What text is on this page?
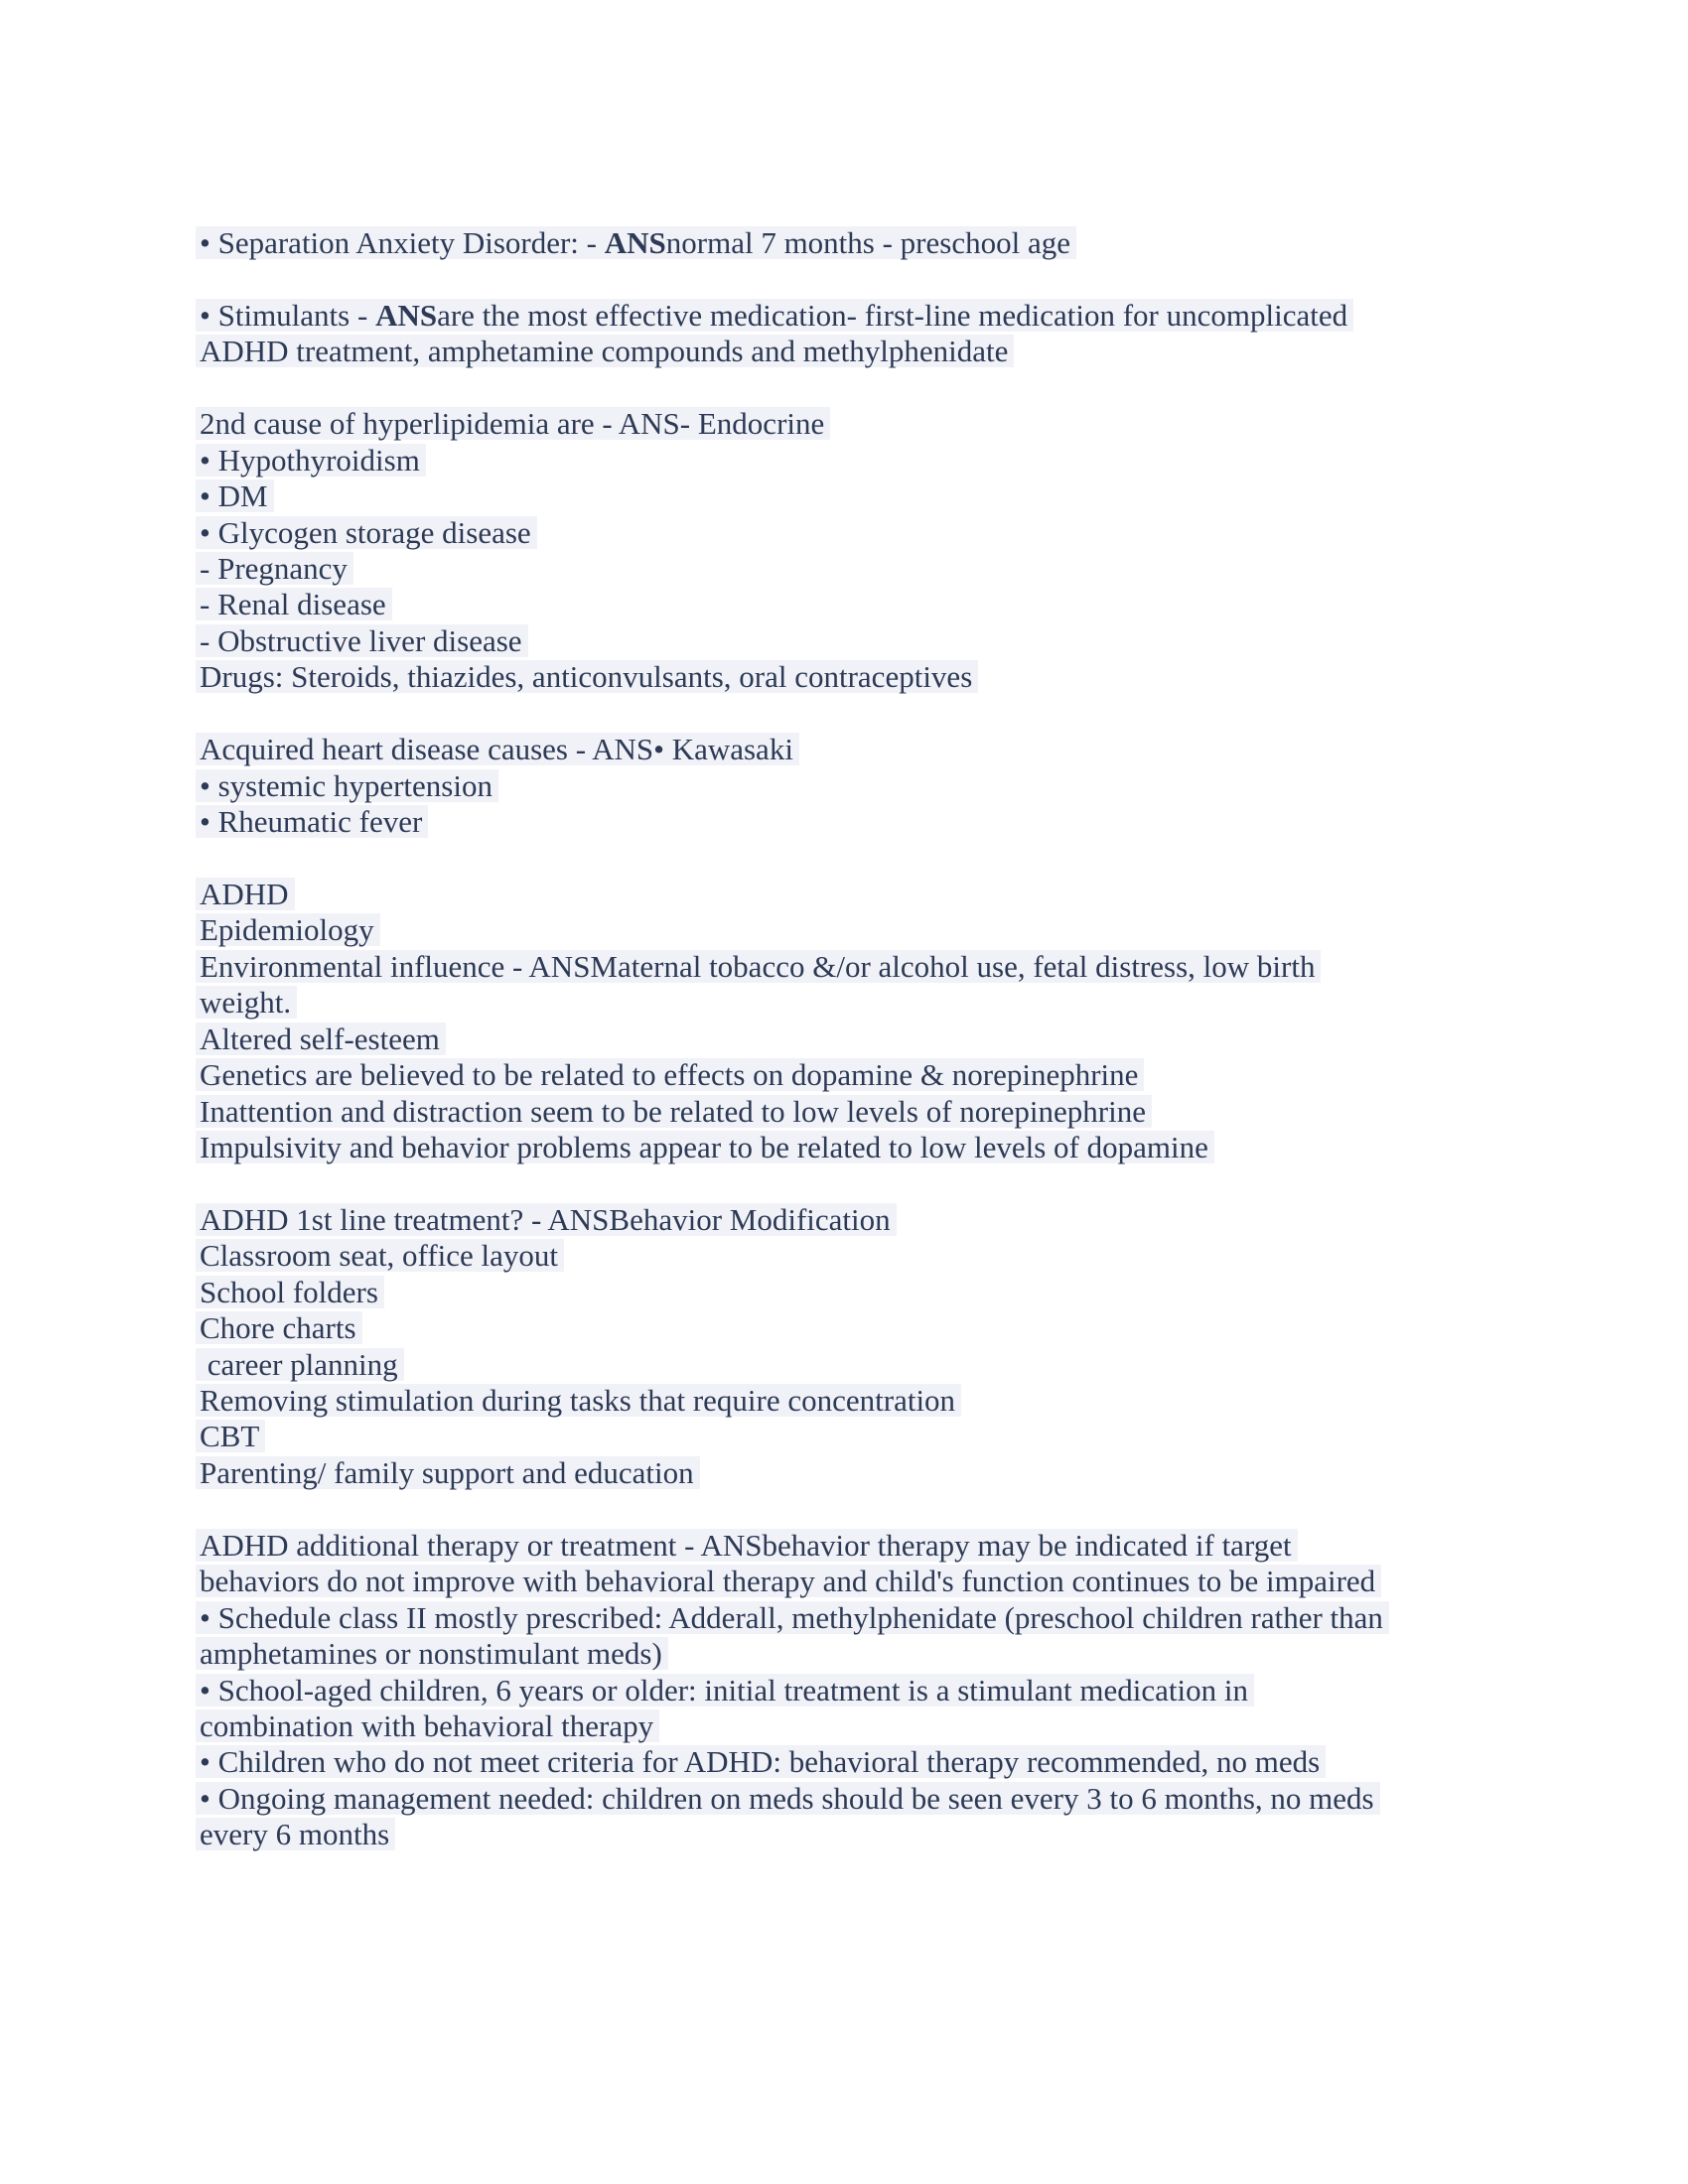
• Separation Anxiety Disorder: - ANSnormal 7 months - preschool age
• Stimulants - ANSare the most effective medication- first-line medication for uncomplicated
ADHD treatment, amphetamine compounds and methylphenidate
2nd cause of hyperlipidemia are - ANS- Endocrine
• Hypothyroidism
• DM
• Glycogen storage disease
- Pregnancy
- Renal disease
- Obstructive liver disease
Drugs: Steroids, thiazides, anticonvulsants, oral contraceptives
Acquired heart disease causes - ANS• Kawasaki
• systemic hypertension
• Rheumatic fever
ADHD
Epidemiology
Environmental influence - ANSMaternal tobacco &/or alcohol use, fetal distress, low birth
weight.
Altered self-esteem
Genetics are believed to be related to effects on dopamine & norepinephrine
Inattention and distraction seem to be related to low levels of norepinephrine
Impulsivity and behavior problems appear to be related to low levels of dopamine
ADHD 1st line treatment? - ANSBehavior Modification
Classroom seat, office layout
School folders
Chore charts
career planning
Removing stimulation during tasks that require concentration
CBT
Parenting/ family support and education
ADHD additional therapy or treatment - ANSbehavior therapy may be indicated if target
behaviors do not improve with behavioral therapy and child's function continues to be impaired
• Schedule class II mostly prescribed: Adderall, methylphenidate (preschool children rather than
amphetamines or nonstimulant meds)
• School-aged children, 6 years or older: initial treatment is a stimulant medication in
combination with behavioral therapy
• Children who do not meet criteria for ADHD: behavioral therapy recommended, no meds
• Ongoing management needed: children on meds should be seen every 3 to 6 months, no meds
every 6 months
